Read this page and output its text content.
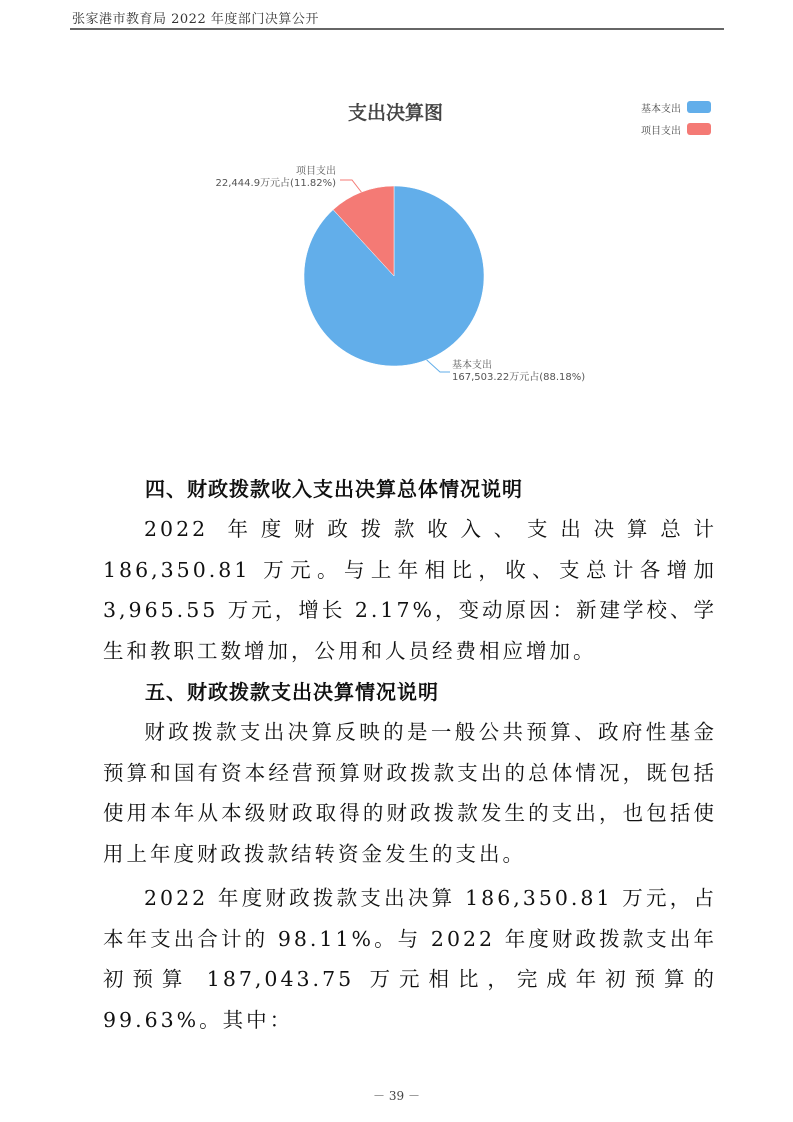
张家港市教育局 2022 年度部门决算公开
基本支出
167,503.22万元占(88.18%)
项目支出
22,444.9万元占(11.82%)
支出决算图	基本支出
项目支出
四、财政拨款收入支出决算总体情况说明
2022 年度财政拨款收入、支出决算总计 186,350.81 万元。与上年相比，收、支总计各增加 3,965.55 万元，增长 2.17%，变动原因：新建学校、学生和教职工数增加，公用和人员经费相应增加。
五、财政拨款支出决算情况说明
财政拨款支出决算反映的是一般公共预算、政府性基金预算和国有资本经营预算财政拨款支出的总体情况，既包括使用本年从本级财政取得的财政拨款发生的支出，也包括使用上年度财政拨款结转资金发生的支出。
2022 年度财政拨款支出决算 186,350.81 万元，占本年支出合计的 98.11%。与 2022 年度财政拨款支出年初预算 187,043.75 万元相比，完成年初预算的 99.63%。其中：
－ 39 －
